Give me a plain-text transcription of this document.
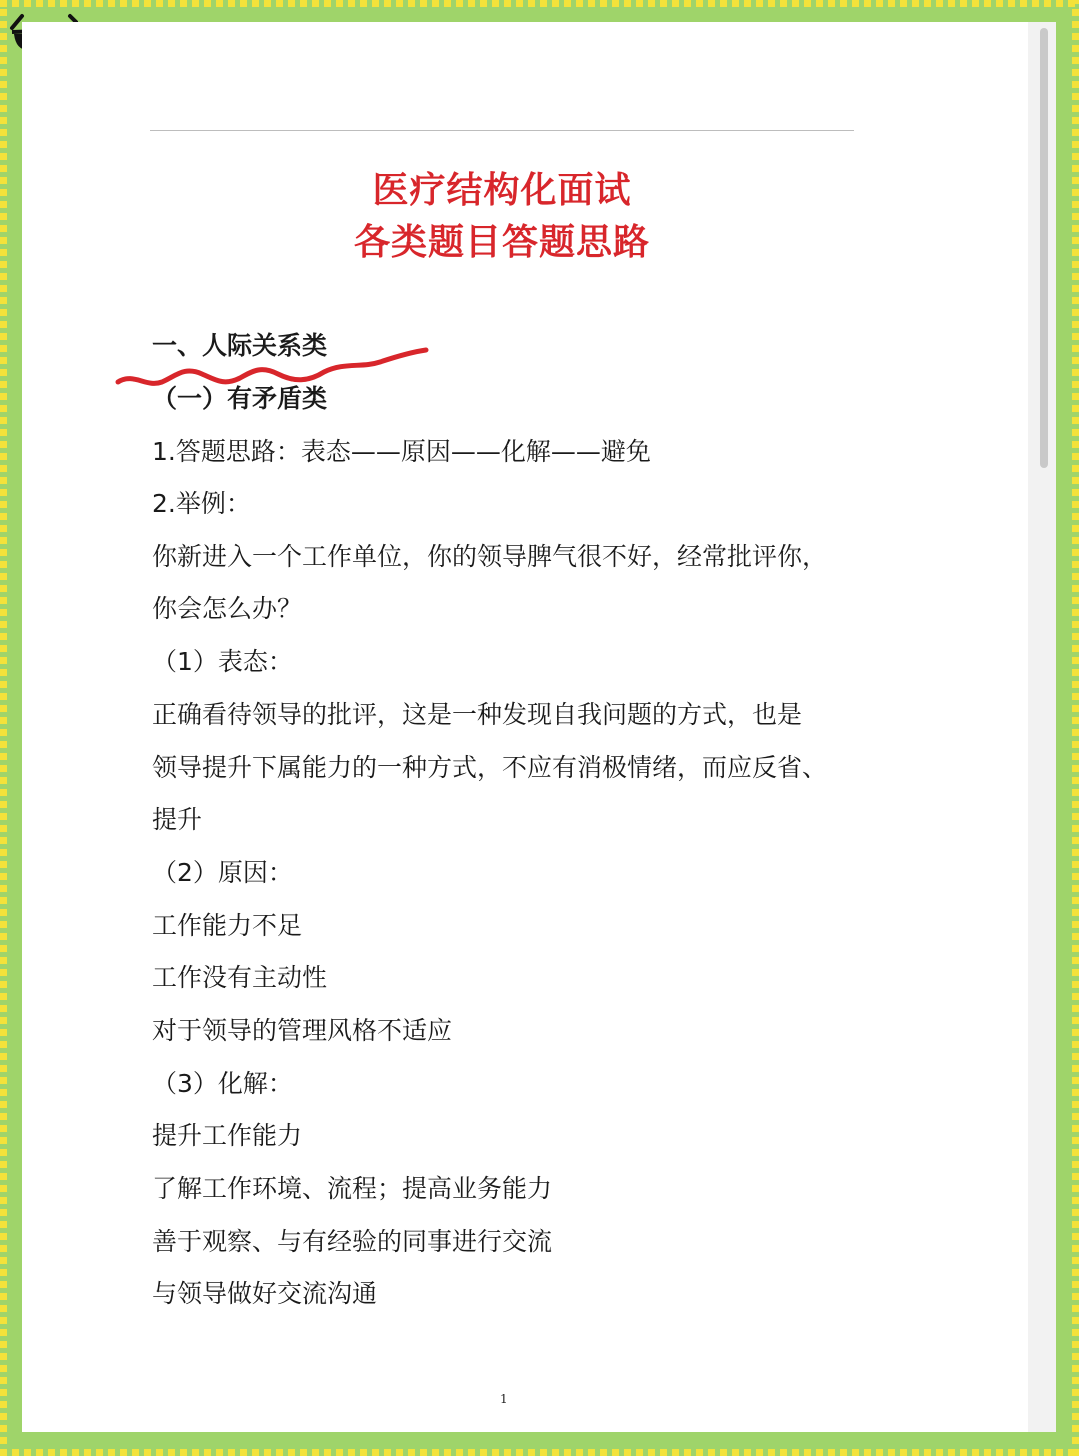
医疗结构化面试
各类题目答题思路
一、人际关系类
（一）有矛盾类
1.答题思路：表态——原因——化解——避免
2.举例：
你新进入一个工作单位，你的领导脾气很不好，经常批评你，
你会怎么办？
（1）表态：
正确看待领导的批评，这是一种发现自我问题的方式，也是
领导提升下属能力的一种方式，不应有消极情绪，而应反省、
提升
（2）原因：
工作能力不足
工作没有主动性
对于领导的管理风格不适应
（3）化解：
提升工作能力
了解工作环境、流程；提高业务能力
善于观察、与有经验的同事进行交流
与领导做好交流沟通
1
